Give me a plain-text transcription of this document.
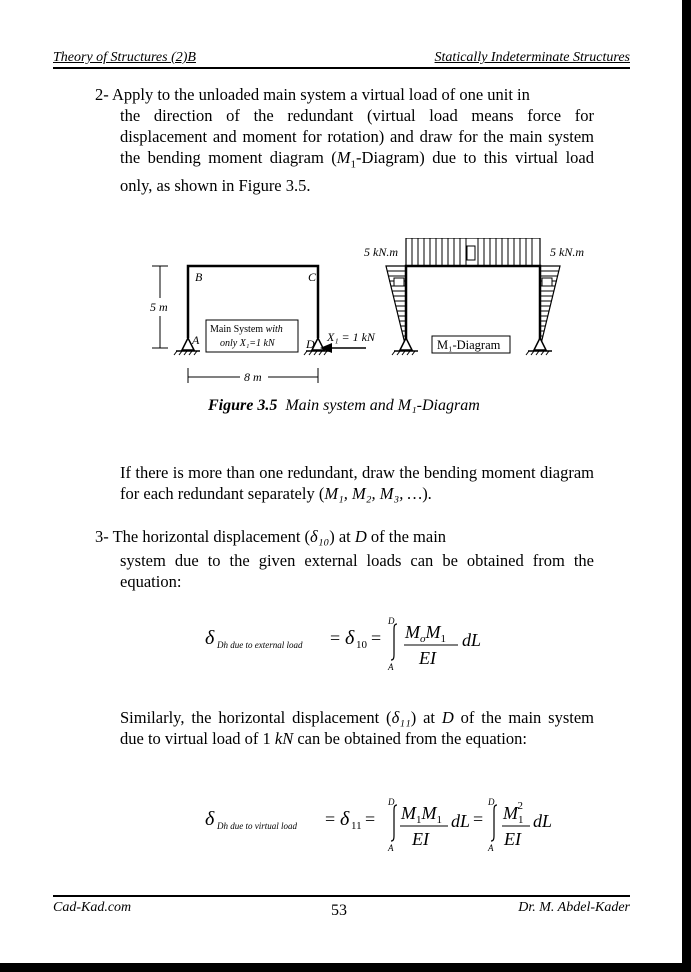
Theory of Structures (2)B	Statically Indeterminate Structures
2- Apply to the unloaded main system a virtual load of one unit in
the direction of the redundant (virtual load means force for displacement and moment for rotation) and draw for the main system the bending moment diagram $(M_1-Diagram)$ due to this virtual load only, as shown in Figure 3.5.
B	C
A	D
5 m
8 m
Main System with
only X₁=1 kN	X₁ = 1 kN
5 kN.m	5 kN.m
M₁-Diagram
Figure 3.5 Main system and M₁-Diagram
If there is more than one redundant, draw the bending moment diagram for each redundant separately (M₁, M₂, M₃, …).
3- The horizontal displacement (δ₁₀) at D of the main
system due to the given external loads can be obtained from the equation:
δ Dh due to external load = δ 10 =
D
A
$M_oM_1$
EI
dL
Similarly, the horizontal displacement (δ₁₁) at D of the main system due to virtual load of 1 kN can be obtained from the equation:
δ Dh due to virtual load = δ 11 =
D
A
$M_1M_1$
EI
dL =
D
A
$M_12$
EI
dL
Cad-Kad.com	53	Dr. M. Abdel-Kader
